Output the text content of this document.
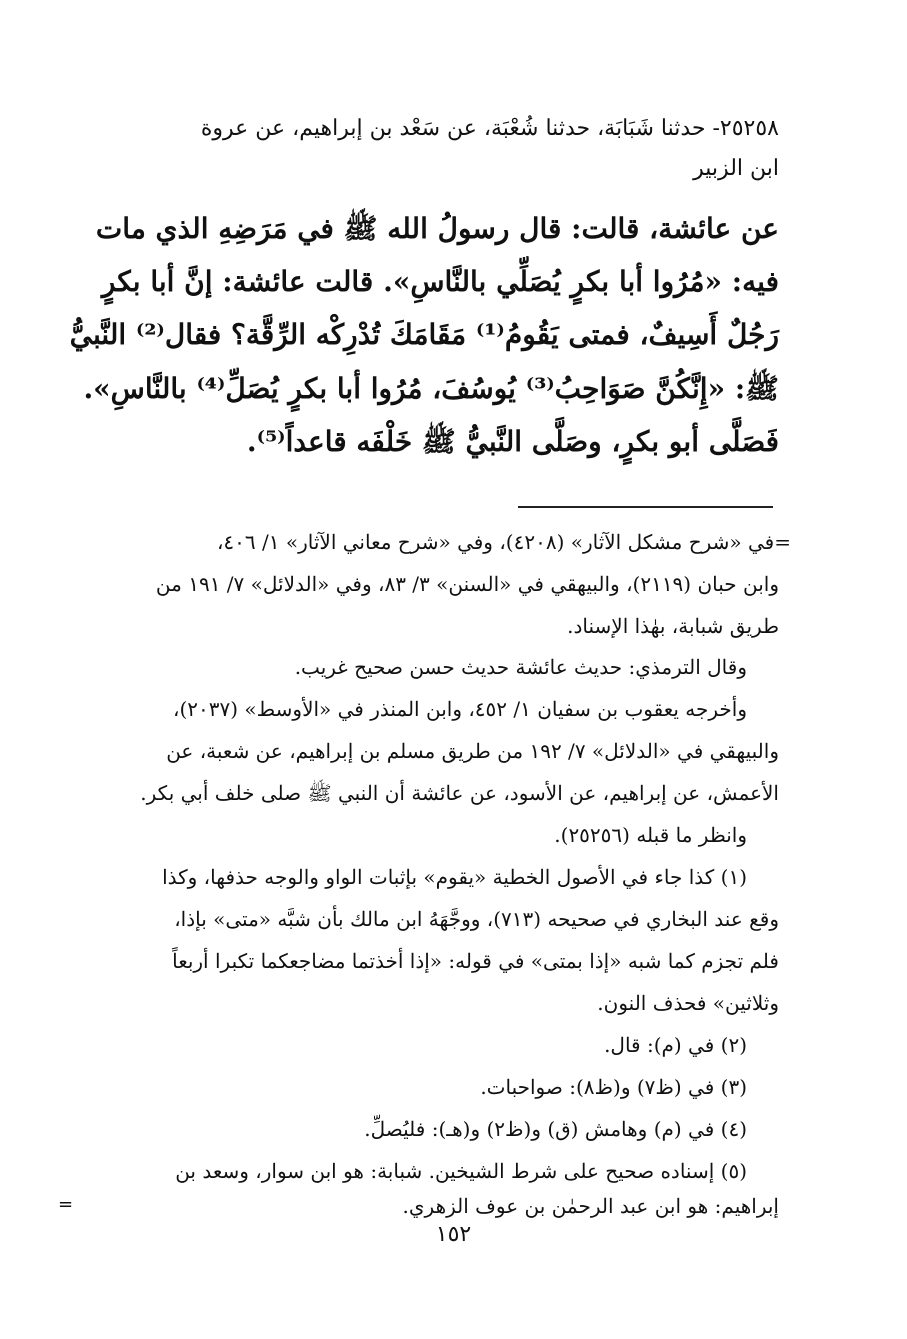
٢٥٢٥٨- حدثنا شَبَابَة، حدثنا شُعْبَة، عن سَعْد بن إبراهيم، عن عروة
ابن الزبير
عن عائشة، قالت: قال رسولُ الله ﷺ في مَرَضِهِ الذي مات
فيه: «مُرُوا أبا بكرٍ يُصَلِّي بالنَّاسِ». قالت عائشة: إنَّ أبا بكرٍ
رَجُلٌ أَسِيفٌ، فمتى يَقُومُ⁽¹⁾ مَقَامَكَ تُدْرِكْه الرِّقَّة؟ فقال⁽²⁾ النَّبيُّ
ﷺ: «إِنَّكُنَّ صَوَاحِبُ⁽³⁾ يُوسُفَ، مُرُوا أبا بكرٍ يُصَلِّ⁽⁴⁾ بالنَّاسِ».
فَصَلَّى أبو بكرٍ، وصَلَّى النَّبيُّ ﷺ خَلْفَه قاعداً⁽⁵⁾.
=في «شرح مشكل الآثار» (٤٢٠٨)، وفي «شرح معاني الآثار» ١/ ٤٠٦،
وابن حبان (٢١١٩)، والبيهقي في «السنن» ٣/ ٨٣، وفي «الدلائل» ٧/ ١٩١ من
طريق شبابة، بهٰذا الإسناد.
وقال الترمذي: حديث عائشة حديث حسن صحيح غريب.
وأخرجه يعقوب بن سفيان ١/ ٤٥٢، وابن المنذر في «الأوسط» (٢٠٣٧)،
والبيهقي في «الدلائل» ٧/ ١٩٢ من طريق مسلم بن إبراهيم، عن شعبة، عن
الأعمش، عن إبراهيم، عن الأسود، عن عائشة أن النبي ﷺ صلى خلف أبي بكر.
وانظر ما قبله (٢٥٢٥٦).
(١) كذا جاء في الأصول الخطية «يقوم» بإثبات الواو والوجه حذفها، وكذا
وقع عند البخاري في صحيحه (٧١٣)، ووجَّهَهُ ابن مالك بأن شبَّه «متى» بإذا،
فلم تجزم كما شبه «إذا بمتى» في قوله: «إذا أخذتما مضاجعكما تكبرا أربعاً
وثلاثين» فحذف النون.
(٢) في (م): قال.
(٣) في (ظ٧) و(ظ٨): صواحبات.
(٤) في (م) وهامش (ق) و(ظ٢) و(هـ): فليُصلِّ.
(٥) إسناده صحيح على شرط الشيخين. شبابة: هو ابن سوار، وسعد بن
إبراهيم: هو ابن عبد الرحمٰن بن عوف الزهري.
=
١٥٢
